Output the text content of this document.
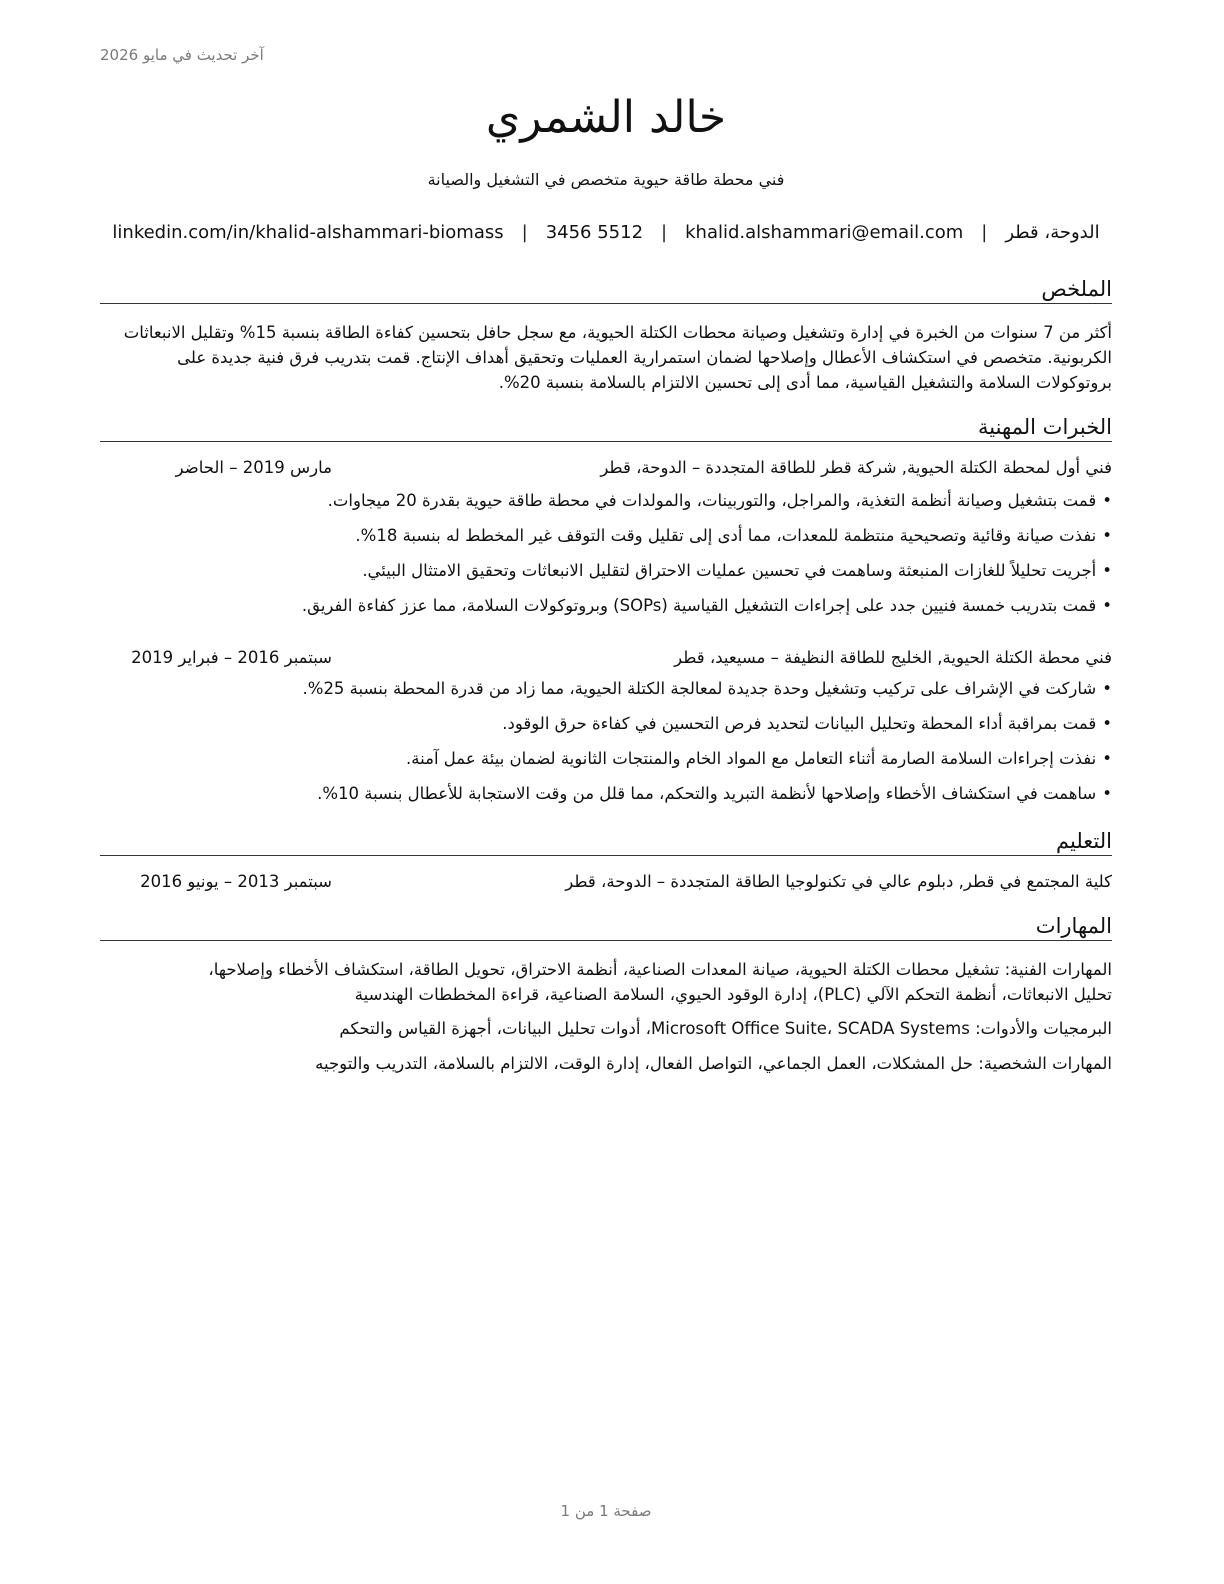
آخر تحديث في مايو 2026
خالد الشمري
فني محطة طاقة حيوية متخصص في التشغيل والصيانة
الدوحة، قطر
|
khalid.alshammari@email.com
|
3456 5512
|
linkedin.com/in/khalid-alshammari-biomass
الملخص
أكثر من 7 سنوات من الخبرة في إدارة وتشغيل وصيانة محطات الكتلة الحيوية، مع سجل حافل بتحسين كفاءة الطاقة بنسبة 15% وتقليل الانبعاثات الكربونية. متخصص في استكشاف الأعطال وإصلاحها لضمان استمرارية العمليات وتحقيق أهداف الإنتاج. قمت بتدريب فرق فنية جديدة على بروتوكولات السلامة والتشغيل القياسية، مما أدى إلى تحسين الالتزام بالسلامة بنسبة 20%.
الخبرات المهنية
فني أول لمحطة الكتلة الحيوية, شركة قطر للطاقة المتجددة – الدوحة، قطر
مارس 2019 – الحاضر
•قمت بتشغيل وصيانة أنظمة التغذية، والمراجل، والتوربينات، والمولدات في محطة طاقة حيوية بقدرة 20 ميجاوات.
•نفذت صيانة وقائية وتصحيحية منتظمة للمعدات، مما أدى إلى تقليل وقت التوقف غير المخطط له بنسبة 18%.
•أجريت تحليلاً للغازات المنبعثة وساهمت في تحسين عمليات الاحتراق لتقليل الانبعاثات وتحقيق الامتثال البيئي.
•قمت بتدريب خمسة فنيين جدد على إجراءات التشغيل القياسية (SOPs) وبروتوكولات السلامة، مما عزز كفاءة الفريق.
فني محطة الكتلة الحيوية, الخليج للطاقة النظيفة – مسيعيد، قطر
سبتمبر 2016 – فبراير 2019
•شاركت في الإشراف على تركيب وتشغيل وحدة جديدة لمعالجة الكتلة الحيوية، مما زاد من قدرة المحطة بنسبة 25%.
•قمت بمراقبة أداء المحطة وتحليل البيانات لتحديد فرص التحسين في كفاءة حرق الوقود.
•نفذت إجراءات السلامة الصارمة أثناء التعامل مع المواد الخام والمنتجات الثانوية لضمان بيئة عمل آمنة.
•ساهمت في استكشاف الأخطاء وإصلاحها لأنظمة التبريد والتحكم، مما قلل من وقت الاستجابة للأعطال بنسبة 10%.
التعليم
كلية المجتمع في قطر, دبلوم عالي في تكنولوجيا الطاقة المتجددة – الدوحة، قطر
سبتمبر 2013 – يونيو 2016
المهارات
المهارات الفنية: تشغيل محطات الكتلة الحيوية، صيانة المعدات الصناعية، أنظمة الاحتراق، تحويل الطاقة، استكشاف الأخطاء وإصلاحها،
تحليل الانبعاثات، أنظمة التحكم الآلي (PLC)، إدارة الوقود الحيوي، السلامة الصناعية، قراءة المخططات الهندسية
البرمجيات والأدوات: Microsoft Office Suite، SCADA Systems، أدوات تحليل البيانات، أجهزة القياس والتحكم
المهارات الشخصية: حل المشكلات، العمل الجماعي، التواصل الفعال، إدارة الوقت، الالتزام بالسلامة، التدريب والتوجيه
صفحة 1 من 1
